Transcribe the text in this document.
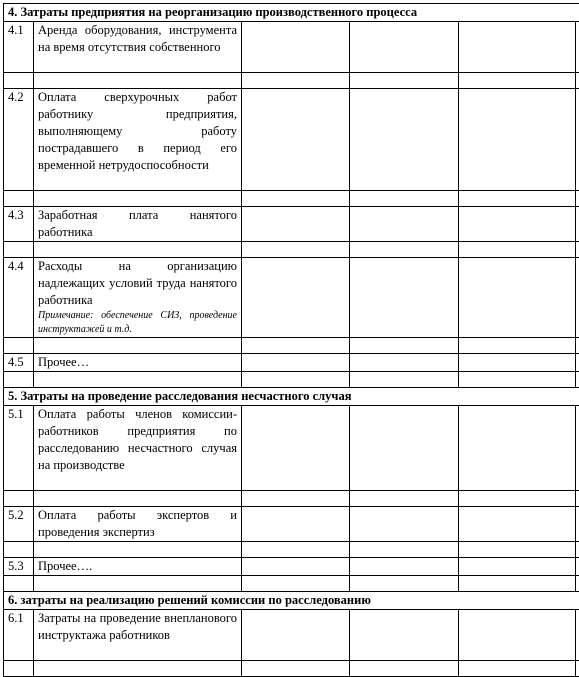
4. Затраты предприятия на реорганизацию производственного процесса					
4.1	Аренда оборудования, инструмента на время отсутствия собственного				

4.2	Оплата сверхурочных работ работнику предприятия, выполняющему работу пострадавшего в период его временной нетрудоспособности				

4.3	Заработная плата нанятого работника				

4.4	Расходы на организацию надлежащих условий труда нанятого работника
Примечание: обеспечение СИЗ, проведение инструктажей и т.д.				

4.5	Прочее…				

5. Затраты на проведение расследования несчастного случая					
5.1	Оплата работы членов комиссии-работников предприятия по расследованию несчастного случая на производстве				

5.2	Оплата работы экспертов и проведения экспертиз				

5.3	Прочее….				

6. затраты на реализацию решений комиссии по расследованию					
6.1	Затраты на проведение внепланового инструктажа работников				
